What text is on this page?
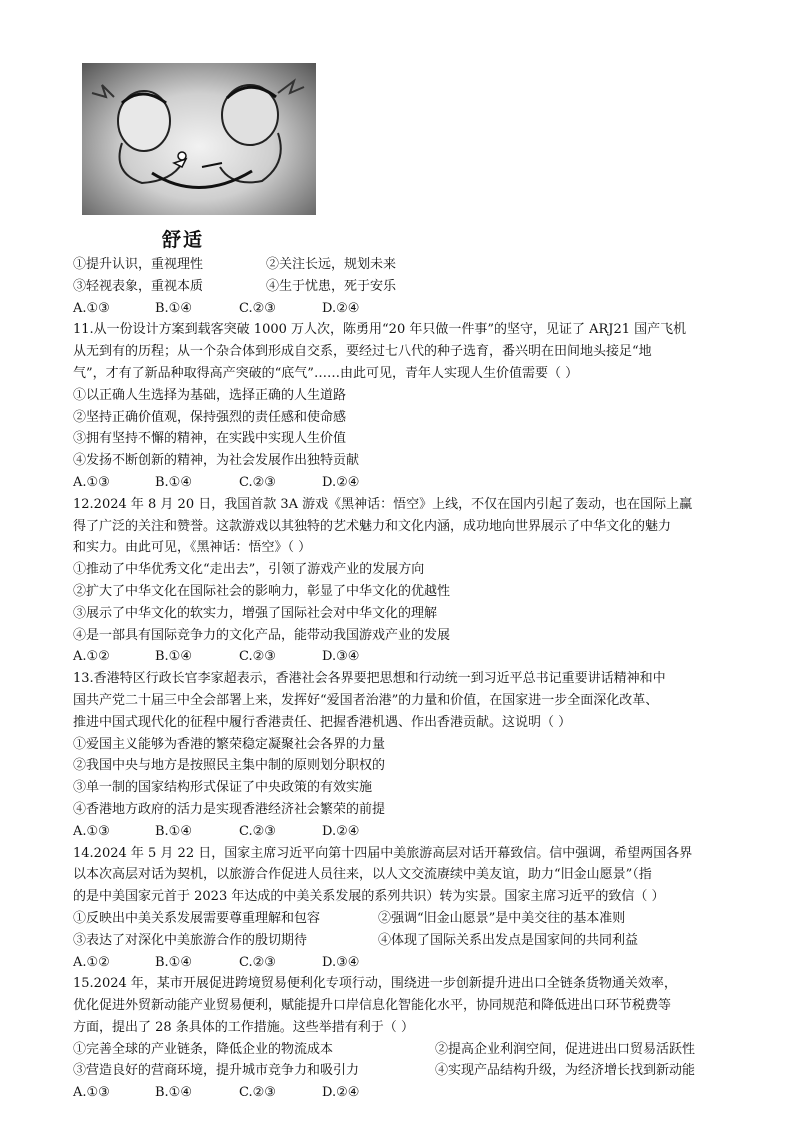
舒适
①提升认识，重视理性	②关注长远，规划未来
③轻视表象，重视本质	④生于忧患，死于安乐
A.①③	B.①④	C.②③	D.②④
11.从一份设计方案到载客突破 1000 万人次，陈勇用“20 年只做一件事”的坚守，见证了 ARJ21 国产飞机
从无到有的历程；从一个杂合体到形成自交系，要经过七八代的种子选育，番兴明在田间地头接足“地
气”，才有了新品种取得高产突破的“底气”……由此可见，青年人实现人生价值需要（ ）
①以正确人生选择为基础，选择正确的人生道路
②坚持正确价值观，保持强烈的责任感和使命感
③拥有坚持不懈的精神，在实践中实现人生价值
④发扬不断创新的精神，为社会发展作出独特贡献
A.①③	B.①④	C.②③	D.②④
12.2024 年 8 月 20 日，我国首款 3A 游戏《黑神话：悟空》上线，不仅在国内引起了轰动，也在国际上赢
得了广泛的关注和赞誉。这款游戏以其独特的艺术魅力和文化内涵，成功地向世界展示了中华文化的魅力
和实力。由此可见，《黑神话：悟空》（ ）
①推动了中华优秀文化“走出去”，引领了游戏产业的发展方向
②扩大了中华文化在国际社会的影响力，彰显了中华文化的优越性
③展示了中华文化的软实力，增强了国际社会对中华文化的理解
④是一部具有国际竞争力的文化产品，能带动我国游戏产业的发展
A.①②	B.①④	C.②③	D.③④
13.香港特区行政长官李家超表示，香港社会各界要把思想和行动统一到习近平总书记重要讲话精神和中
国共产党二十届三中全会部署上来，发挥好“爱国者治港”的力量和价值，在国家进一步全面深化改革、
推进中国式现代化的征程中履行香港责任、把握香港机遇、作出香港贡献。这说明（ ）
①爱国主义能够为香港的繁荣稳定凝聚社会各界的力量
②我国中央与地方是按照民主集中制的原则划分职权的
③单一制的国家结构形式保证了中央政策的有效实施
④香港地方政府的活力是实现香港经济社会繁荣的前提
A.①③	B.①④	C.②③	D.②④
14.2024 年 5 月 22 日，国家主席习近平向第十四届中美旅游高层对话开幕致信。信中强调，希望两国各界
以本次高层对话为契机，以旅游合作促进人员往来，以人文交流赓续中美友谊，助力“旧金山愿景”（指
的是中美国家元首于 2023 年达成的中美关系发展的系列共识）转为实景。国家主席习近平的致信（ ）
①反映出中美关系发展需要尊重理解和包容	②强调“旧金山愿景”是中美交往的基本准则
③表达了对深化中美旅游合作的殷切期待	④体现了国际关系出发点是国家间的共同利益
A.①②	B.①④	C.②③	D.③④
15.2024 年，某市开展促进跨境贸易便利化专项行动，围绕进一步创新提升进出口全链条货物通关效率，
优化促进外贸新动能产业贸易便利，赋能提升口岸信息化智能化水平，协同规范和降低进出口环节税费等
方面，提出了 28 条具体的工作措施。这些举措有利于（ ）
①完善全球的产业链条，降低企业的物流成本	②提高企业利润空间，促进进出口贸易活跃性
③营造良好的营商环境，提升城市竞争力和吸引力	④实现产品结构升级，为经济增长找到新动能
A.①③	B.①④	C.②③	D.②④
